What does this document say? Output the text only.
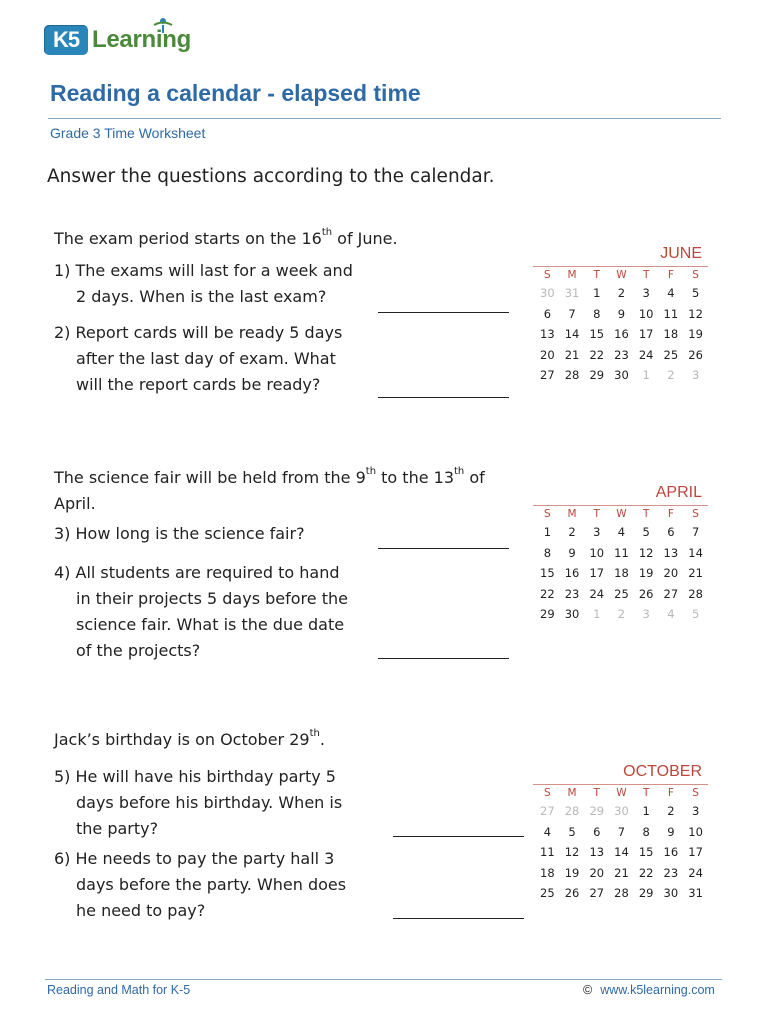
K5 Learning
Reading a calendar - elapsed time
Grade 3 Time Worksheet
Answer the questions according to the calendar.
The exam period starts on the 16th of June.
1) The exams will last for a week and
2 days. When is the last exam?
2) Report cards will be ready 5 days
after the last day of exam. What
will the report cards be ready?
The science fair will be held from the 9th to the 13th of
April.
3) How long is the science fair?
4) All students are required to hand
in their projects 5 days before the
science fair. What is the due date
of the projects?
Jack’s birthday is on October 29th.
5) He will have his birthday party 5
days before his birthday. When is
the party?
6) He needs to pay the party hall 3
days before the party. When does
he need to pay?
JUNE
S	M	T	W	T	F	S
30	31	1	2	3	4	5
6	7	8	9	10	11	12
13	14	15	16	17	18	19
20	21	22	23	24	25	26
27	28	29	30	1	2	3
APRIL
S	M	T	W	T	F	S
1	2	3	4	5	6	7
8	9	10	11	12	13	14
15	16	17	18	19	20	21
22	23	24	25	26	27	28
29	30	1	2	3	4	5
OCTOBER
S	M	T	W	T	F	S
27	28	29	30	1	2	3
4	5	6	7	8	9	10
11	12	13	14	15	16	17
18	19	20	21	22	23	24
25	26	27	28	29	30	31
Reading and Math for K-5	© www.k5learning.com
